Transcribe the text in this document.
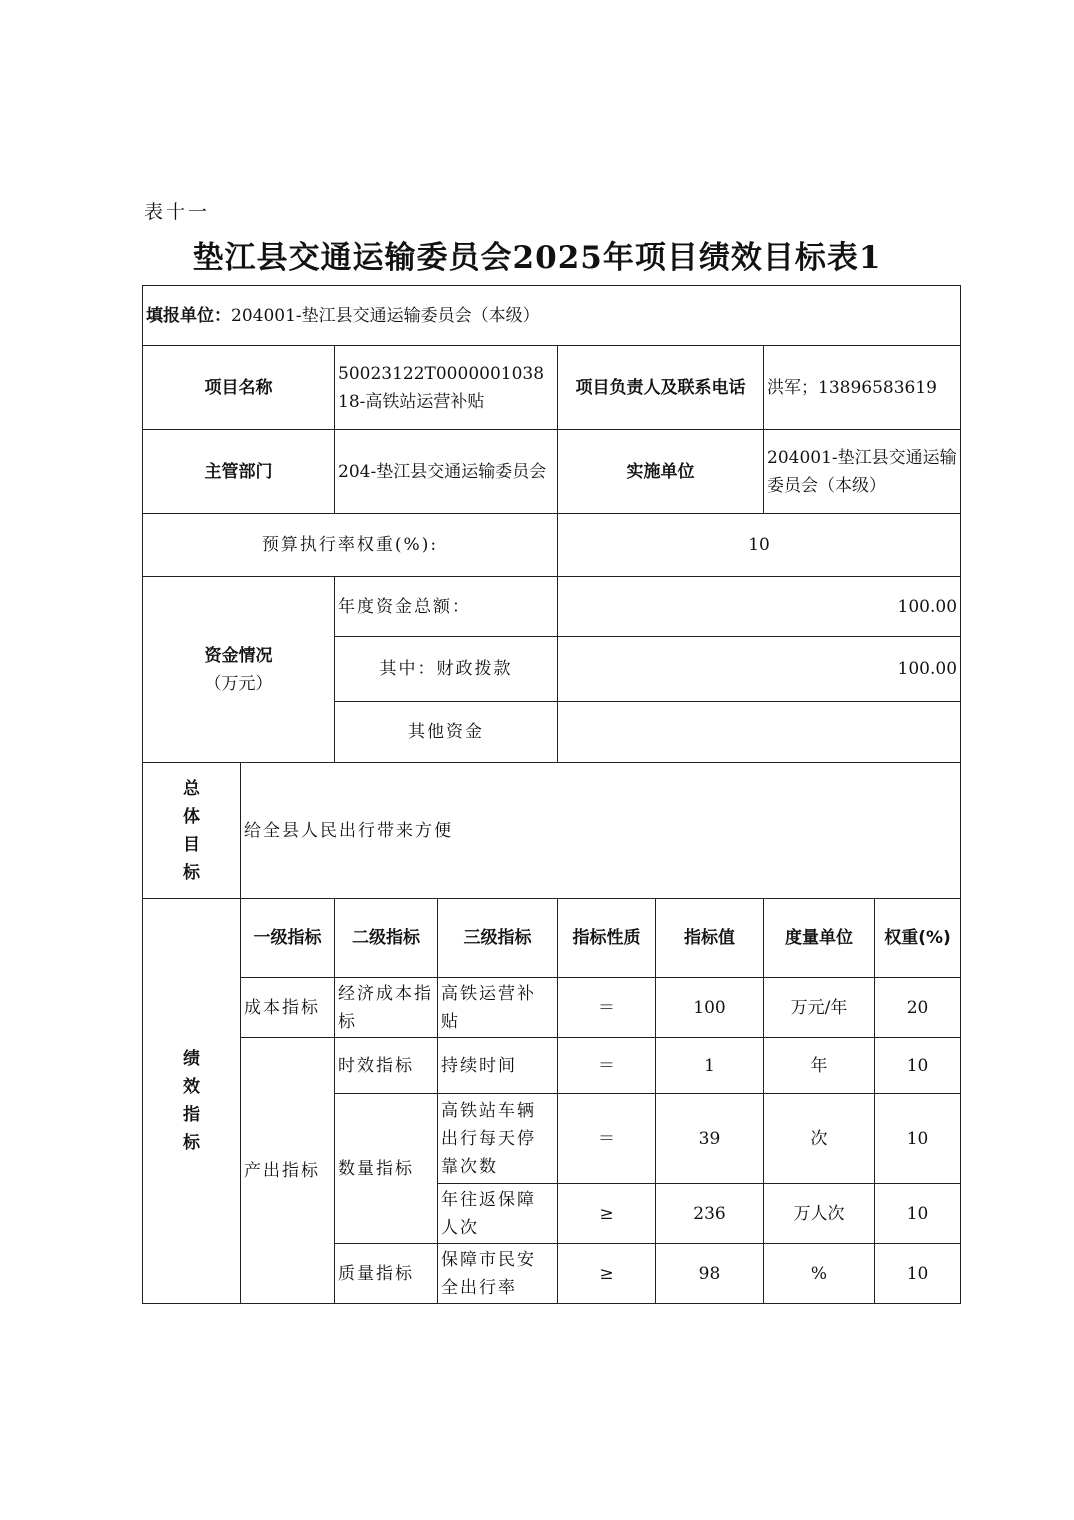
表十一
垫江县交通运输委员会2025年项目绩效目标表1
填报单位：204001-垫江县交通运输委员会（本级）							
项目名称		50023122T000000103818-高铁站运营补贴		项目负责人及联系电话		洪军；13896583619	
主管部门		204-垫江县交通运输委员会		实施单位		204001-垫江县交通运输委员会（本级）	
预算执行率权重(%):				10			

资金情况
（万元）		年度资金总额：		100.00			
		其中：财政拨款		100.00			
		其他资金					

总
体
目
标	给全县人民出行带来方便						

绩
效
指
标	一级指标	二级指标	三级指标	指标性质	指标值	度量单位	权重(%)
	成本指标	经济成本指标	高铁运营补贴	＝	100	万元/年	20
	产出指标	时效指标	持续时间	＝	1	年	10
		数量指标	高铁站车辆出行每天停靠次数	＝	39	次	10
			年往返保障人次	≥	236	万人次	10
		质量指标	保障市民安全出行率	≥	98	%	10
